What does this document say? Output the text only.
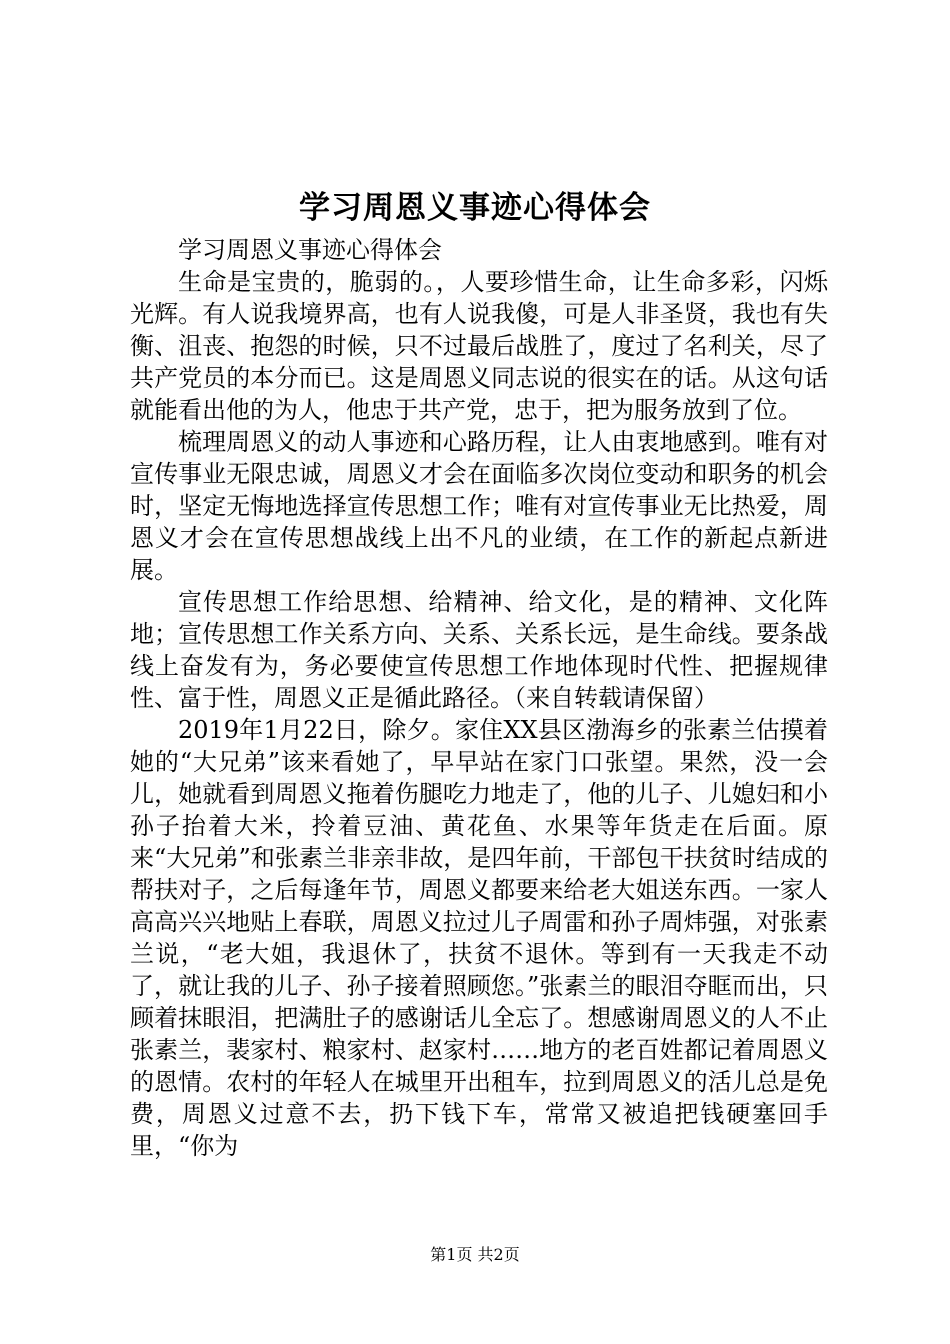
学习周恩义事迹心得体会

学习周恩义事迹心得体会

生命是宝贵的，脆弱的。，人要珍惜生命，让生命多彩，闪烁光辉。有人说我境界高，也有人说我傻，可是人非圣贤，我也有失衡、沮丧、抱怨的时候，只不过最后战胜了，度过了名利关，尽了共产党员的本分而已。这是周恩义同志说的很实在的话。从这句话就能看出他的为人，他忠于共产党，忠于，把为服务放到了位。

梳理周恩义的动人事迹和心路历程，让人由衷地感到。唯有对宣传事业无限忠诚，周恩义才会在面临多次岗位变动和职务的机会时，坚定无悔地选择宣传思想工作；唯有对宣传事业无比热爱，周恩义才会在宣传思想战线上出不凡的业绩，在工作的新起点新进展。

宣传思想工作给思想、给精神、给文化，是的精神、文化阵地；宣传思想工作关系方向、关系、关系长远，是生命线。要条战线上奋发有为，务必要使宣传思想工作地体现时代性、把握规律性、富于性，周恩义正是循此路径。（来自转载请保留）

2019年1月22日，除夕。家住XX县区渤海乡的张素兰估摸着她的“大兄弟”该来看她了，早早站在家门口张望。果然，没一会儿，她就看到周恩义拖着伤腿吃力地走了，他的儿子、儿媳妇和小孙子抬着大米，拎着豆油、黄花鱼、水果等年货走在后面。原来“大兄弟”和张素兰非亲非故，是四年前，干部包干扶贫时结成的帮扶对子，之后每逢年节，周恩义都要来给老大姐送东西。一家人高高兴兴地贴上春联，周恩义拉过儿子周雷和孙子周炜强，对张素兰说，“老大姐，我退休了，扶贫不退休。等到有一天我走不动了，就让我的儿子、孙子接着照顾您。”张素兰的眼泪夺眶而出，只顾着抹眼泪，把满肚子的感谢话儿全忘了。想感谢周恩义的人不止张素兰，裴家村、粮家村、赵家村……地方的老百姓都记着周恩义的恩情。农村的年轻人在城里开出租车，拉到周恩义的活儿总是免费，周恩义过意不去，扔下钱下车，常常又被追把钱硬塞回手里，“你为

第1页 共2页
